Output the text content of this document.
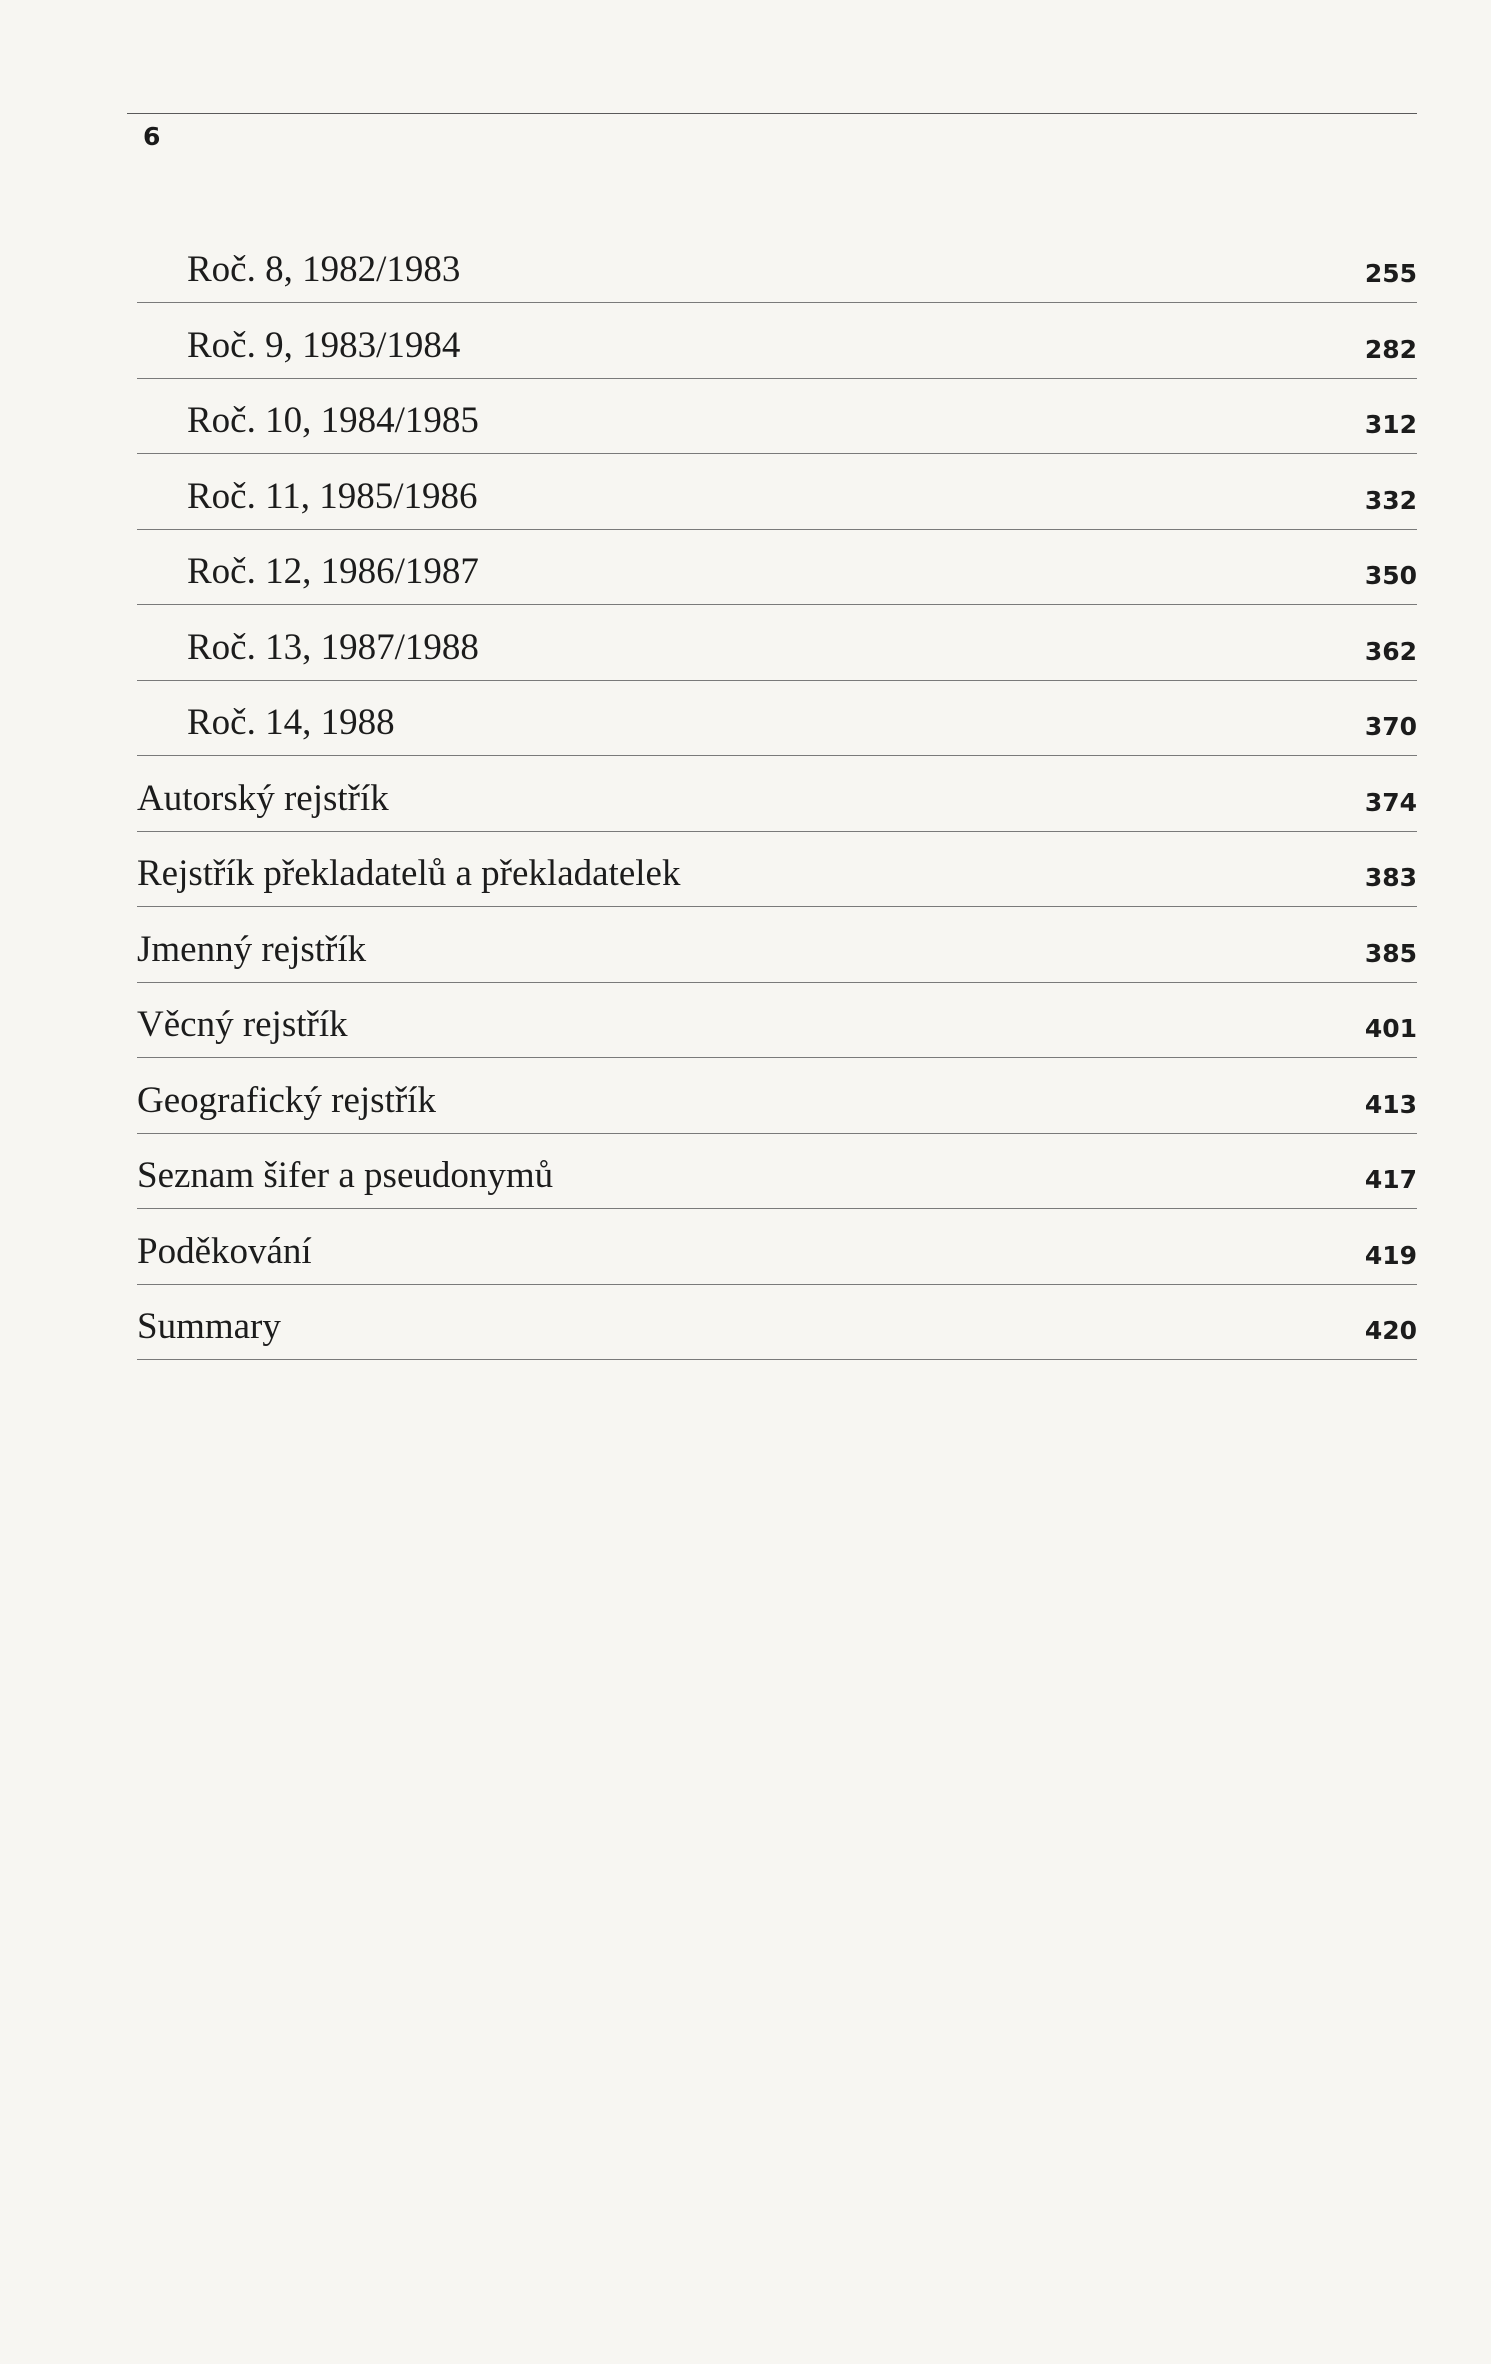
6
Roč. 8, 1982/1983	255
Roč. 9, 1983/1984	282
Roč. 10, 1984/1985	312
Roč. 11, 1985/1986	332
Roč. 12, 1986/1987	350
Roč. 13, 1987/1988	362
Roč. 14, 1988	370
Autorský rejstřík	374
Rejstřík překladatelů a překladatelek	383
Jmenný rejstřík	385
Věcný rejstřík	401
Geografický rejstřík	413
Seznam šifer a pseudonymů	417
Poděkování	419
Summary	420
